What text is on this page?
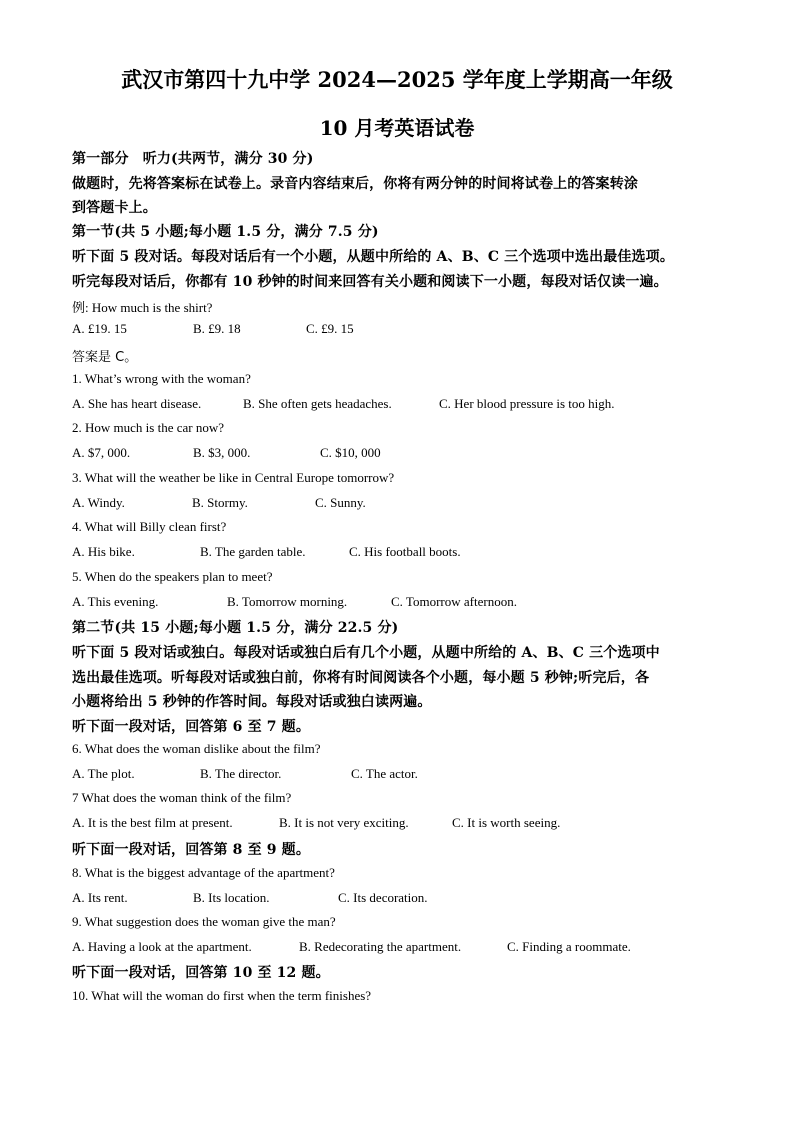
武汉市第四十九中学 2024—2025 学年度上学期高一年级
10 月考英语试卷
第一部分　听力(共两节，满分 30 分)
做题时，先将答案标在试卷上。录音内容结束后，你将有两分钟的时间将试卷上的答案转涂
到答题卡上。
第一节(共 5 小题;每小题 1.5 分，满分 7.5 分)
听下面 5 段对话。每段对话后有一个小题，从题中所给的 A、B、C 三个选项中选出最佳选项。
听完每段对话后，你都有 10 秒钟的时间来回答有关小题和阅读下一小题，每段对话仅读一遍。
例: How much is the shirt?
A. £19. 15	B. £9. 18	C. £9. 15
答案是 C。
1. What’s wrong with the woman?
A. She has heart disease.	B. She often gets headaches.	C. Her blood pressure is too high.
2. How much is the car now?
A. $7, 000.	B. $3, 000.	C. $10, 000
3. What will the weather be like in Central Europe tomorrow?
A. Windy.	B. Stormy.	C. Sunny.
4. What will Billy clean first?
A. His bike.	B. The garden table.	C. His football boots.
5. When do the speakers plan to meet?
A. This evening.	B. Tomorrow morning.	C. Tomorrow afternoon.
第二节(共 15 小题;每小题 1.5 分，满分 22.5 分)
听下面 5 段对话或独白。每段对话或独白后有几个小题，从题中所给的 A、B、C 三个选项中
选出最佳选项。听每段对话或独白前，你将有时间阅读各个小题，每小题 5 秒钟;听完后，各
小题将给出 5 秒钟的作答时间。每段对话或独白读两遍。
听下面一段对话，回答第 6 至 7 题。
6. What does the woman dislike about the film?
A. The plot.	B. The director.	C. The actor.
7 What does the woman think of the film?
A. It is the best film at present.	B. It is not very exciting.	C. It is worth seeing.
听下面一段对话，回答第 8 至 9 题。
8. What is the biggest advantage of the apartment?
A. Its rent.	B. Its location.	C. Its decoration.
9. What suggestion does the woman give the man?
A. Having a look at the apartment.	B. Redecorating the apartment.	C. Finding a roommate.
听下面一段对话，回答第 10 至 12 题。
10. What will the woman do first when the term finishes?
